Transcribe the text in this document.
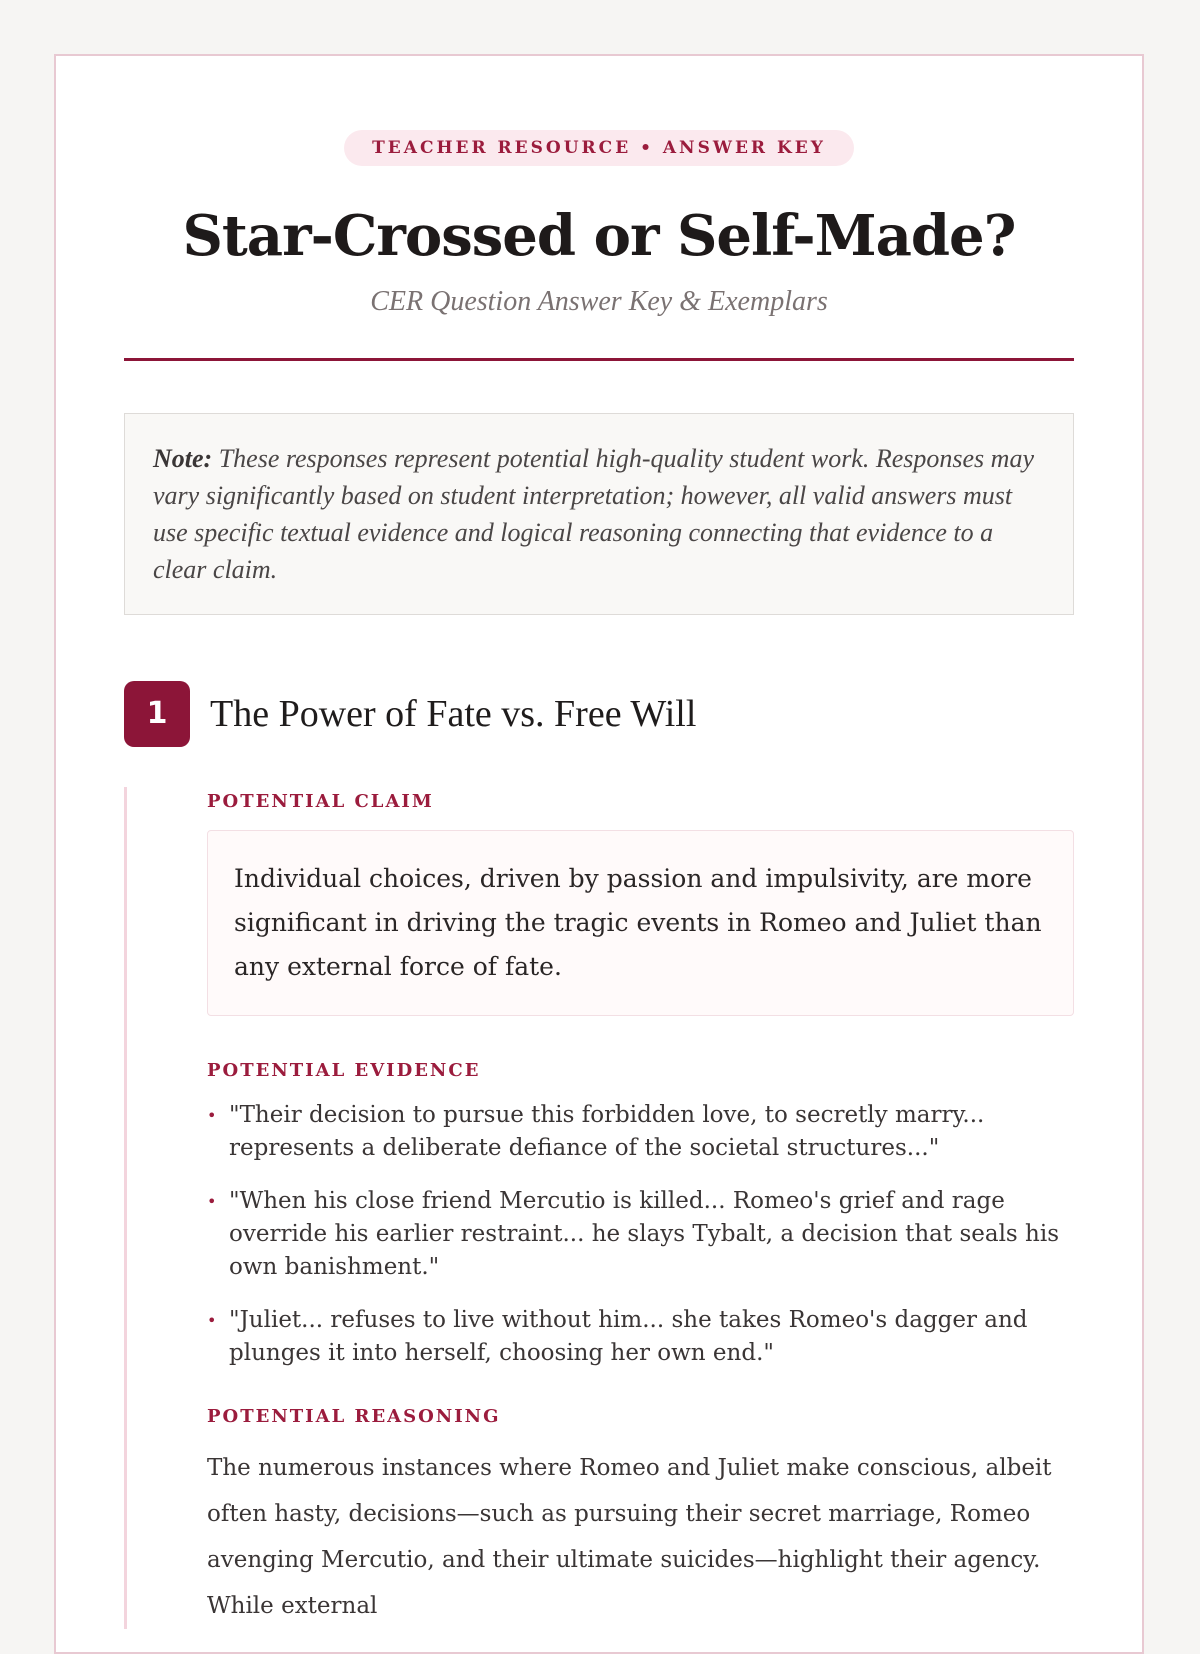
TEACHER RESOURCE • ANSWER KEY
Star-Crossed or Self-Made?
CER Question Answer Key & Exemplars
Note: These responses represent potential high-quality student work. Responses may vary significantly based on student interpretation; however, all valid answers must use specific textual evidence and logical reasoning connecting that evidence to a clear claim.
1	The Power of Fate vs. Free Will
POTENTIAL CLAIM
Individual choices, driven by passion and impulsivity, are more significant in driving the tragic events in Romeo and Juliet than any external force of fate.
POTENTIAL EVIDENCE
• "Their decision to pursue this forbidden love, to secretly marry... represents a deliberate defiance of the societal structures..."
• "When his close friend Mercutio is killed... Romeo's grief and rage override his earlier restraint... he slays Tybalt, a decision that seals his own banishment."
• "Juliet... refuses to live without him... she takes Romeo's dagger and plunges it into herself, choosing her own end."
POTENTIAL REASONING
The numerous instances where Romeo and Juliet make conscious, albeit often hasty, decisions—such as pursuing their secret marriage, Romeo avenging Mercutio, and their ultimate suicides—highlight their agency. While external
